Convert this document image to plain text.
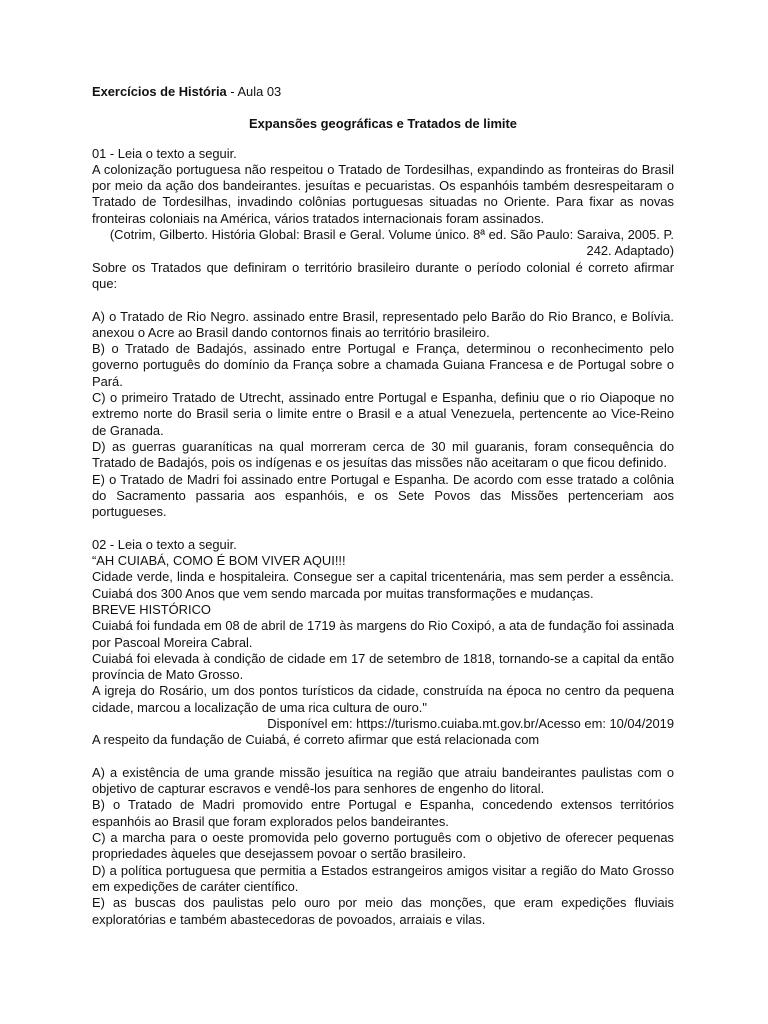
Exercícios de História - Aula 03

Expansões geográficas e Tratados de limite

01 - Leia o texto a seguir.

A colonização portuguesa não respeitou o Tratado de Tordesilhas, expandindo as fronteiras do Brasil por meio da ação dos bandeirantes. jesuítas e pecuaristas. Os espanhóis também desrespeitaram o Tratado de Tordesilhas, invadindo colônias portuguesas situadas no Oriente. Para fixar as novas fronteiras coloniais na América, vários tratados internacionais foram assinados.

(Cotrim, Gilberto. História Global: Brasil e Geral. Volume único. 8ª ed. São Paulo: Saraiva, 2005. P.

242. Adaptado)

Sobre os Tratados que definiram o território brasileiro durante o período colonial é correto afirmar que:

A) o Tratado de Rio Negro. assinado entre Brasil, representado pelo Barão do Rio Branco, e Bolívia. anexou o Acre ao Brasil dando contornos finais ao território brasileiro.

B) o Tratado de Badajós, assinado entre Portugal e França, determinou o reconhecimento pelo governo português do domínio da França sobre a chamada Guiana Francesa e de Portugal sobre o Pará.

C) o primeiro Tratado de Utrecht, assinado entre Portugal e Espanha, definiu que o rio Oiapoque no extremo norte do Brasil seria o limite entre o Brasil e a atual Venezuela, pertencente ao Vice-Reino de Granada.

D) as guerras guaraníticas na qual morreram cerca de 30 mil guaranis, foram consequência do Tratado de Badajós, pois os indígenas e os jesuítas das missões não aceitaram o que ficou definido.

E) o Tratado de Madri foi assinado entre Portugal e Espanha. De acordo com esse tratado a colônia do Sacramento passaria aos espanhóis, e os Sete Povos das Missões pertenceriam aos portugueses.

02 - Leia o texto a seguir.

“AH CUIABÁ, COMO É BOM VIVER AQUI!!!

Cidade verde, linda e hospitaleira. Consegue ser a capital tricentenária, mas sem perder a essência. Cuiabá dos 300 Anos que vem sendo marcada por muitas transformações e mudanças.

BREVE HISTÓRICO

Cuiabá foi fundada em 08 de abril de 1719 às margens do Rio Coxipó, a ata de fundação foi assinada por Pascoal Moreira Cabral.

Cuiabá foi elevada à condição de cidade em 17 de setembro de 1818, tornando-se a capital da então província de Mato Grosso.

A igreja do Rosário, um dos pontos turísticos da cidade, construída na época no centro da pequena cidade, marcou a localização de uma rica cultura de ouro."

Disponível em: https://turismo.cuiaba.mt.gov.br/Acesso em: 10/04/2019

A respeito da fundação de Cuiabá, é correto afirmar que está relacionada com

A) a existência de uma grande missão jesuítica na região que atraiu bandeirantes paulistas com o objetivo de capturar escravos e vendê-los para senhores de engenho do litoral.

B) o Tratado de Madri promovido entre Portugal e Espanha, concedendo extensos territórios espanhóis ao Brasil que foram explorados pelos bandeirantes.

C) a marcha para o oeste promovida pelo governo português com o objetivo de oferecer pequenas propriedades àqueles que desejassem povoar o sertão brasileiro.

D) a política portuguesa que permitia a Estados estrangeiros amigos visitar a região do Mato Grosso em expedições de caráter científico.

E) as buscas dos paulistas pelo ouro por meio das monções, que eram expedições fluviais exploratórias e também abastecedoras de povoados, arraiais e vilas.
